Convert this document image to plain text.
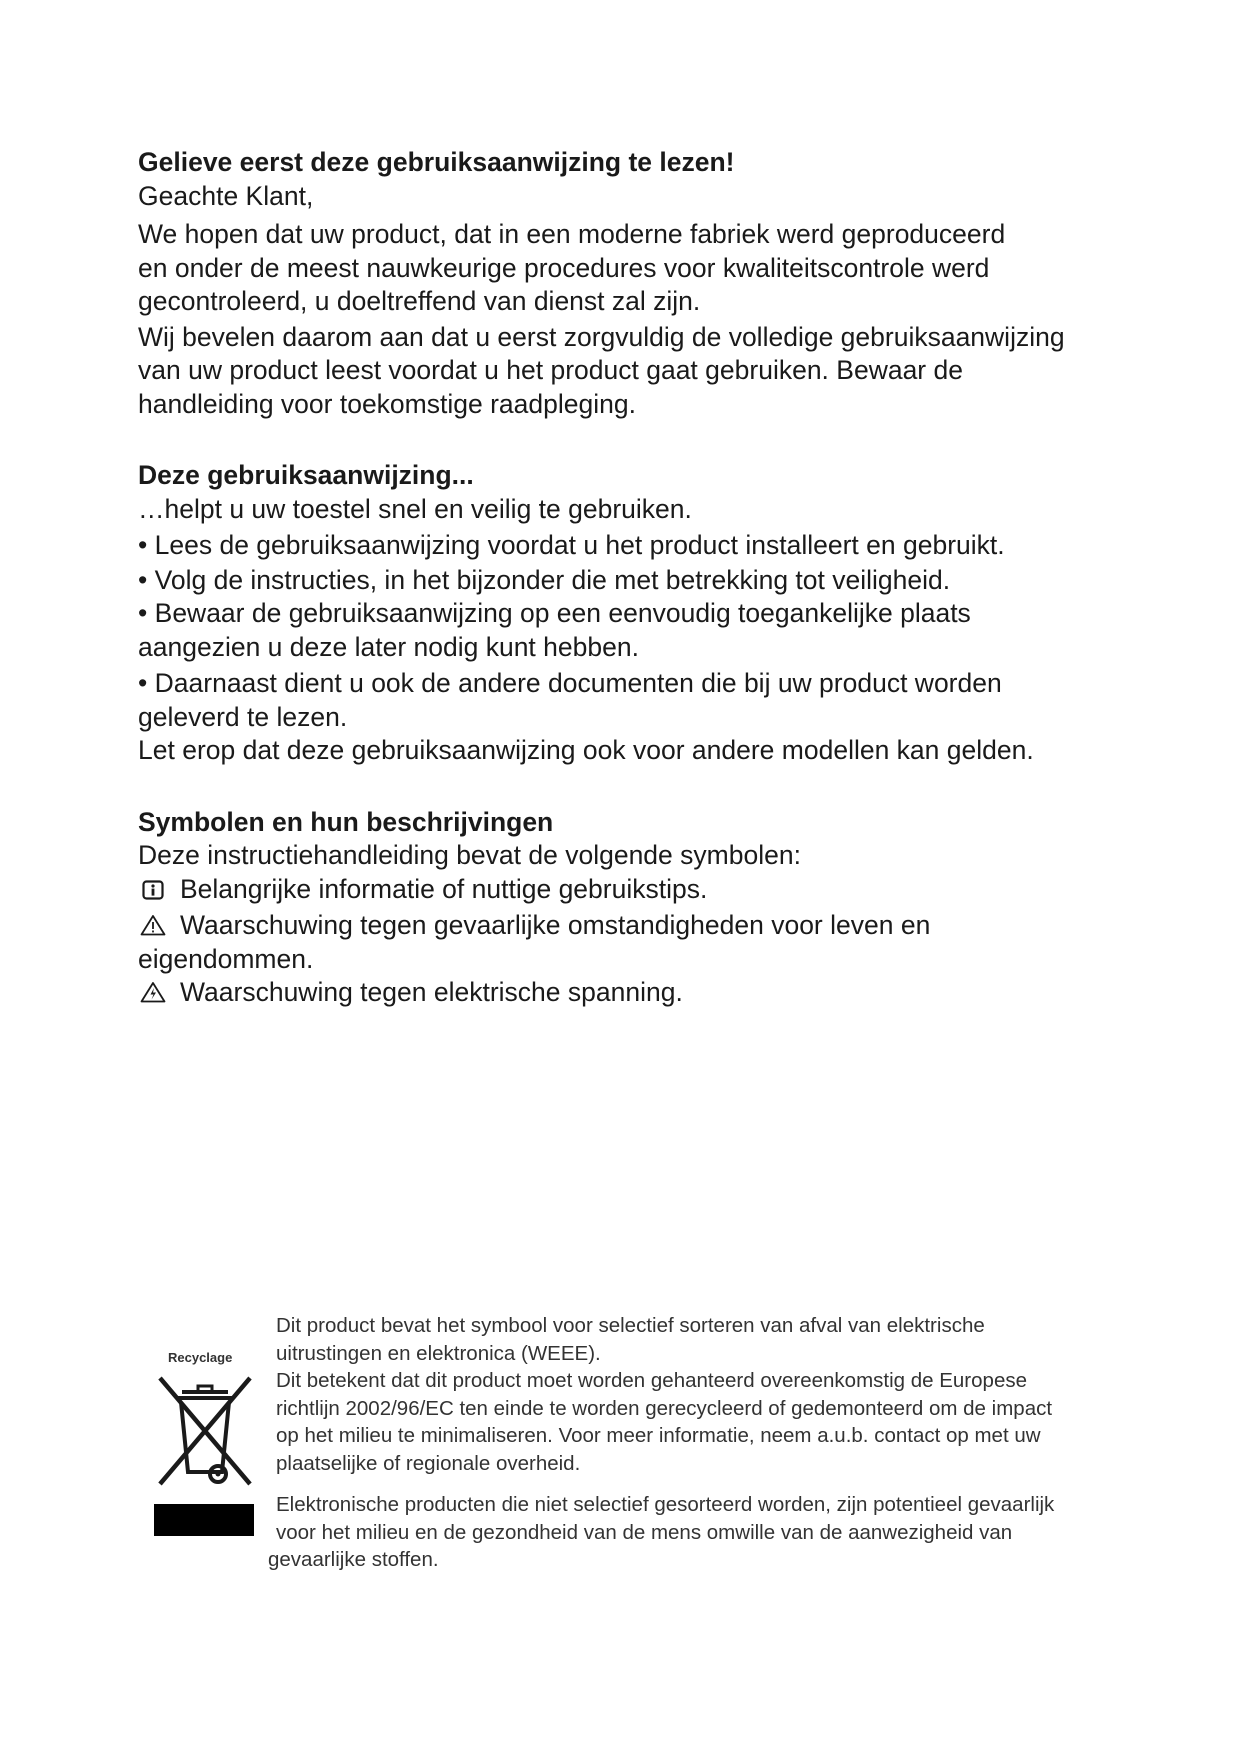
Gelieve eerst deze gebruiksaanwijzing te lezen!
Geachte Klant,
We hopen dat uw product, dat in een moderne fabriek werd geproduceerd
en onder de meest nauwkeurige procedures voor kwaliteitscontrole werd
gecontroleerd, u doeltreffend van dienst zal zijn.
Wij bevelen daarom aan dat u eerst zorgvuldig de volledige gebruiksaanwijzing
van uw product leest voordat u het product gaat gebruiken. Bewaar de
handleiding voor toekomstige raadpleging.
Deze gebruiksaanwijzing...
…helpt u uw toestel snel en veilig te gebruiken.
• Lees de gebruiksaanwijzing voordat u het product installeert en gebruikt.
• Volg de instructies, in het bijzonder die met betrekking tot veiligheid.
• Bewaar de gebruiksaanwijzing op een eenvoudig toegankelijke plaats
aangezien u deze later nodig kunt hebben.
• Daarnaast dient u ook de andere documenten die bij uw product worden
geleverd te lezen.
Let erop dat deze gebruiksaanwijzing ook voor andere modellen kan gelden.
Symbolen en hun beschrijvingen
Deze instructiehandleiding bevat de volgende symbolen:
Belangrijke informatie of nuttige gebruikstips.
Waarschuwing tegen gevaarlijke omstandigheden voor leven en
eigendommen.
Waarschuwing tegen elektrische spanning.
Recyclage
Dit product bevat het symbool voor selectief sorteren van afval van elektrische
uitrustingen en elektronica (WEEE).
Dit betekent dat dit product moet worden gehanteerd overeenkomstig de Europese
richtlijn 2002/96/EC ten einde te worden gerecycleerd of gedemonteerd om de impact
op het milieu te minimaliseren. Voor meer informatie, neem a.u.b. contact op met uw
plaatselijke of regionale overheid.
Elektronische producten die niet selectief gesorteerd worden, zijn potentieel gevaarlijk
voor het milieu en de gezondheid van de mens omwille van de aanwezigheid van
gevaarlijke stoffen.
